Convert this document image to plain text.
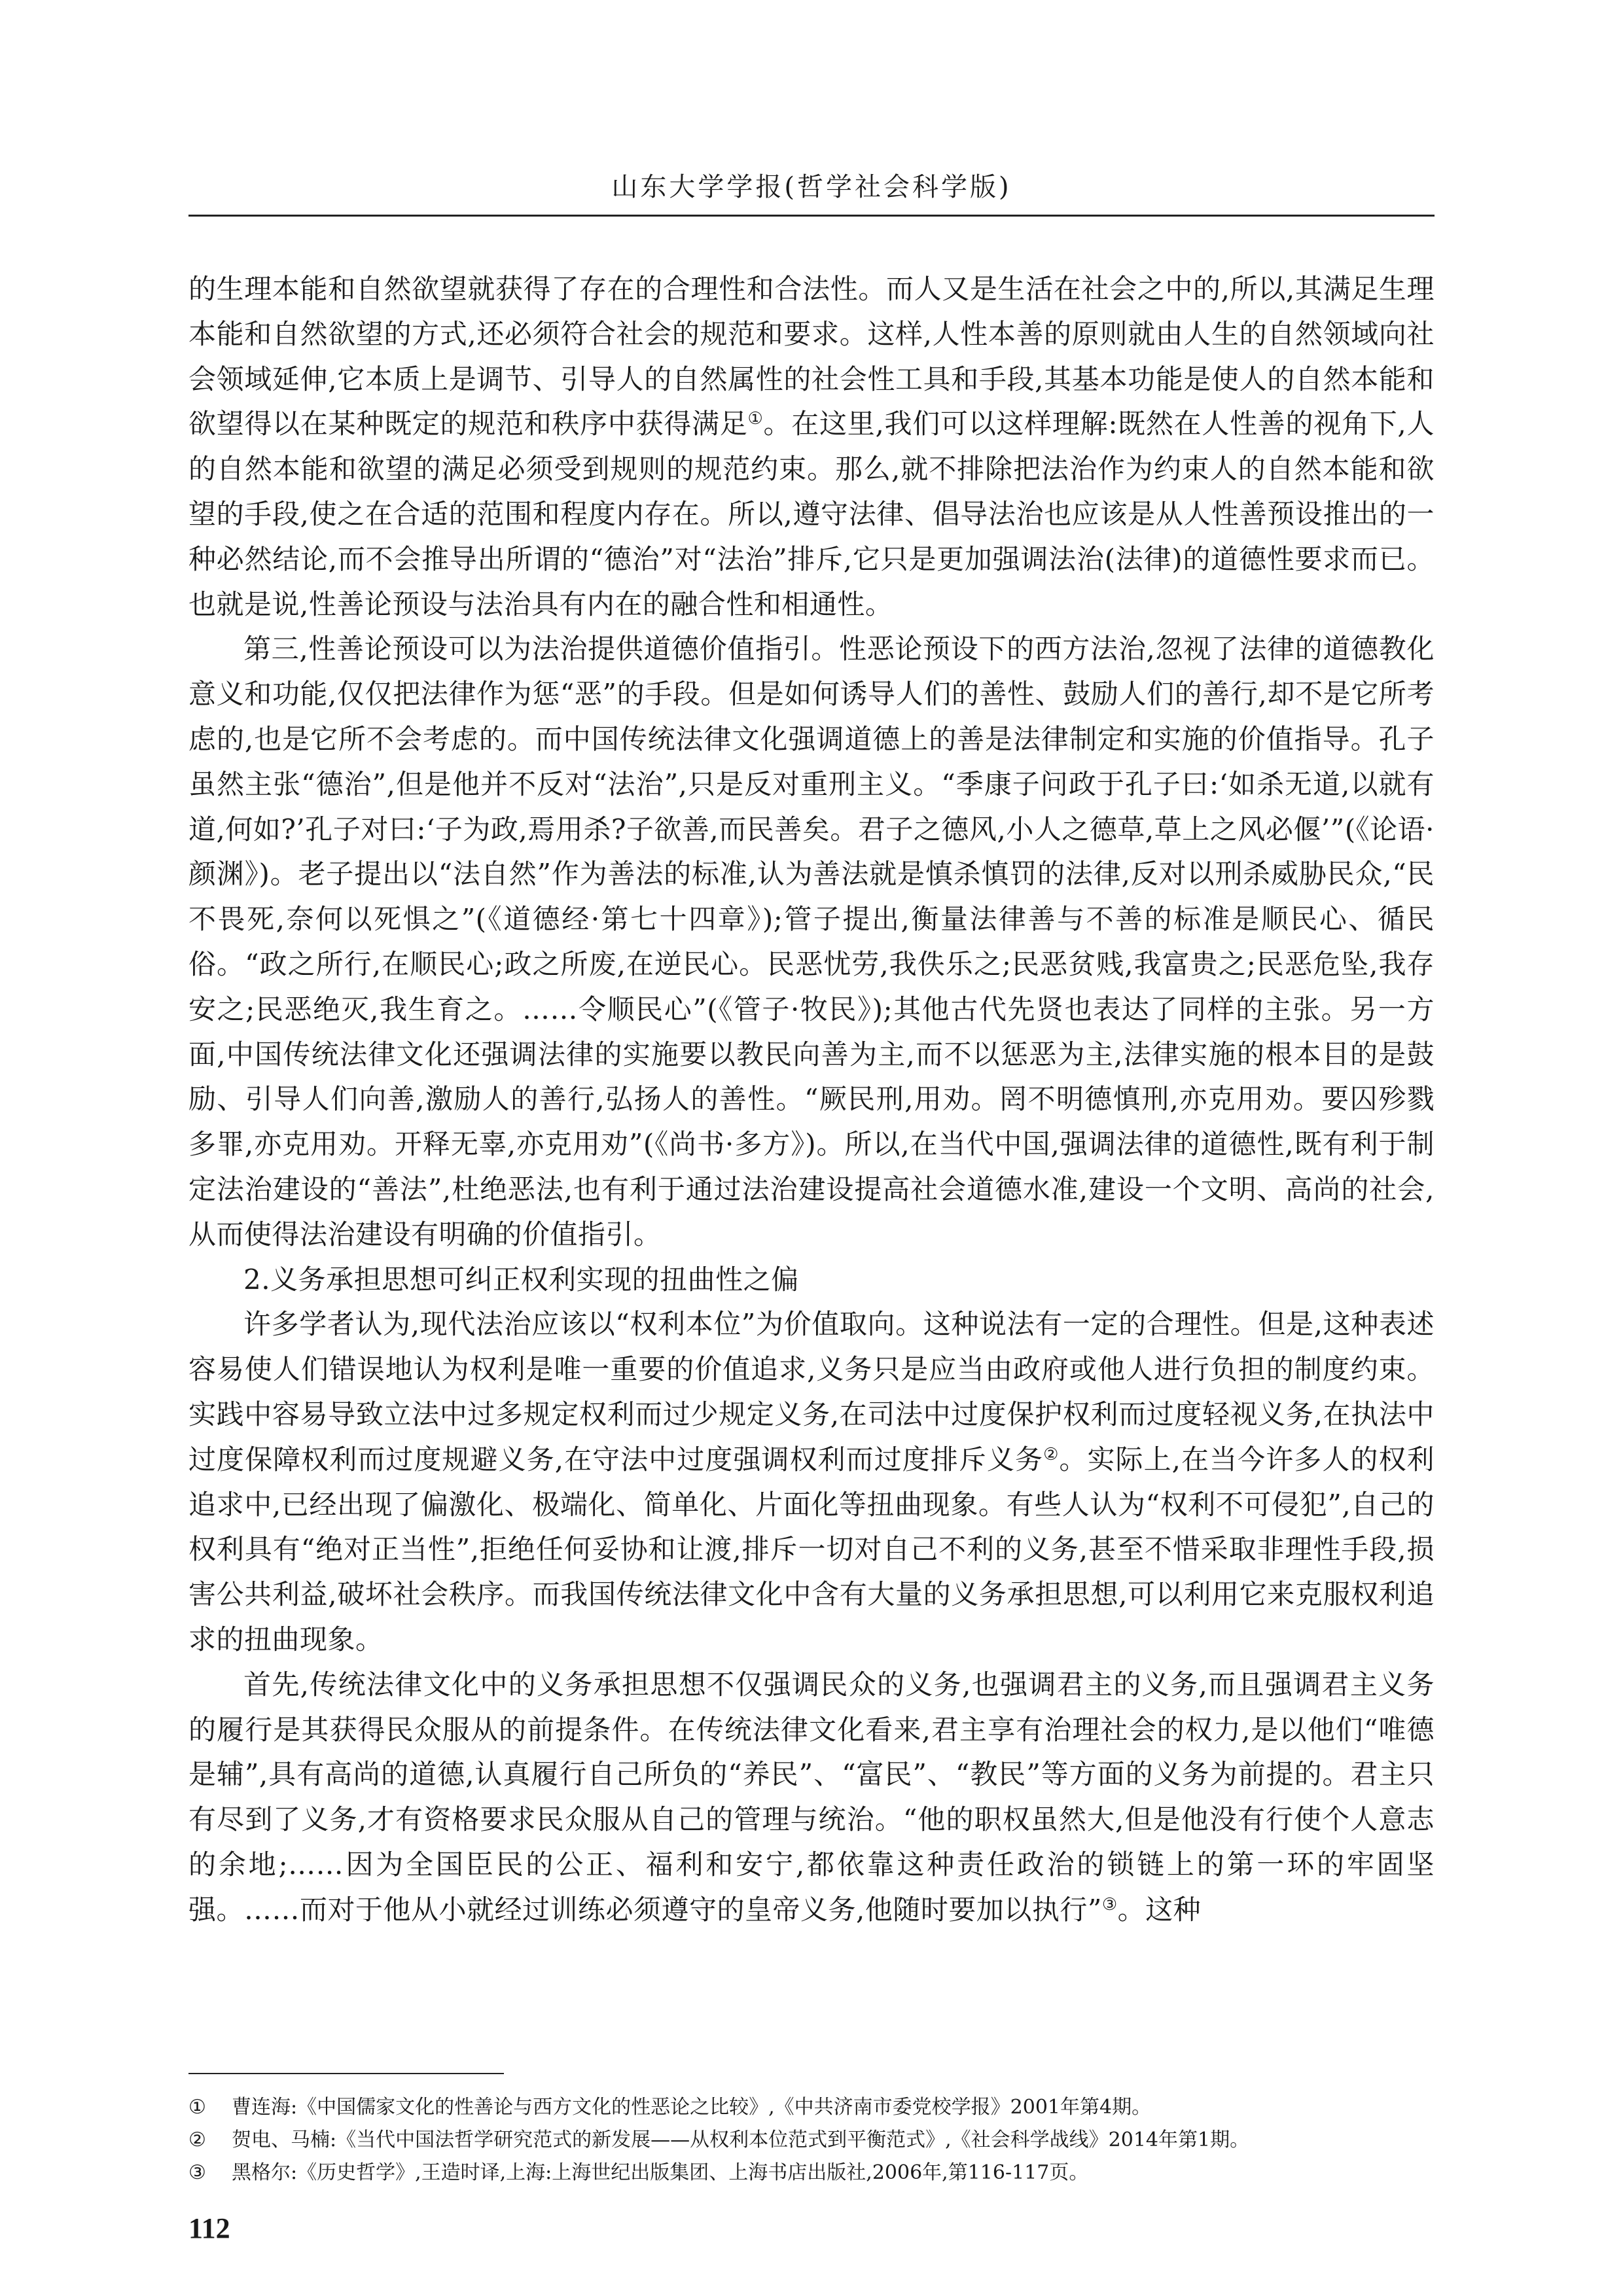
山东大学学报(哲学社会科学版)

的生理本能和自然欲望就获得了存在的合理性和合法性。而人又是生活在社会之中的,所以,其满足生理本能和自然欲望的方式,还必须符合社会的规范和要求。这样,人性本善的原则就由人生的自然领域向社会领域延伸,它本质上是调节、引导人的自然属性的社会性工具和手段,其基本功能是使人的自然本能和欲望得以在某种既定的规范和秩序中获得满足①。在这里,我们可以这样理解:既然在人性善的视角下,人的自然本能和欲望的满足必须受到规则的规范约束。那么,就不排除把法治作为约束人的自然本能和欲望的手段,使之在合适的范围和程度内存在。所以,遵守法律、倡导法治也应该是从人性善预设推出的一种必然结论,而不会推导出所谓的“德治”对“法治”排斥,它只是更加强调法治(法律)的道德性要求而已。也就是说,性善论预设与法治具有内在的融合性和相通性。

第三,性善论预设可以为法治提供道德价值指引。性恶论预设下的西方法治,忽视了法律的道德教化意义和功能,仅仅把法律作为惩“恶”的手段。但是如何诱导人们的善性、鼓励人们的善行,却不是它所考虑的,也是它所不会考虑的。而中国传统法律文化强调道德上的善是法律制定和实施的价值指导。孔子虽然主张“德治”,但是他并不反对“法治”,只是反对重刑主义。“季康子问政于孔子曰:‘如杀无道,以就有道,何如?’孔子对曰:‘子为政,焉用杀?子欲善,而民善矣。君子之德风,小人之德草,草上之风必偃’”(《论语·颜渊》)。老子提出以“法自然”作为善法的标准,认为善法就是慎杀慎罚的法律,反对以刑杀威胁民众,“民不畏死,奈何以死惧之”(《道德经·第七十四章》);管子提出,衡量法律善与不善的标准是顺民心、循民俗。“政之所行,在顺民心;政之所废,在逆民心。民恶忧劳,我佚乐之;民恶贫贱,我富贵之;民恶危坠,我存安之;民恶绝灭,我生育之。……令顺民心”(《管子·牧民》);其他古代先贤也表达了同样的主张。另一方面,中国传统法律文化还强调法律的实施要以教民向善为主,而不以惩恶为主,法律实施的根本目的是鼓励、引导人们向善,激励人的善行,弘扬人的善性。“厥民刑,用劝。罔不明德慎刑,亦克用劝。要囚殄戮多罪,亦克用劝。开释无辜,亦克用劝”(《尚书·多方》)。所以,在当代中国,强调法律的道德性,既有利于制定法治建设的“善法”,杜绝恶法,也有利于通过法治建设提高社会道德水准,建设一个文明、高尚的社会,从而使得法治建设有明确的价值指引。

2.义务承担思想可纠正权利实现的扭曲性之偏

许多学者认为,现代法治应该以“权利本位”为价值取向。这种说法有一定的合理性。但是,这种表述容易使人们错误地认为权利是唯一重要的价值追求,义务只是应当由政府或他人进行负担的制度约束。实践中容易导致立法中过多规定权利而过少规定义务,在司法中过度保护权利而过度轻视义务,在执法中过度保障权利而过度规避义务,在守法中过度强调权利而过度排斥义务②。实际上,在当今许多人的权利追求中,已经出现了偏激化、极端化、简单化、片面化等扭曲现象。有些人认为“权利不可侵犯”,自己的权利具有“绝对正当性”,拒绝任何妥协和让渡,排斥一切对自己不利的义务,甚至不惜采取非理性手段,损害公共利益,破坏社会秩序。而我国传统法律文化中含有大量的义务承担思想,可以利用它来克服权利追求的扭曲现象。

首先,传统法律文化中的义务承担思想不仅强调民众的义务,也强调君主的义务,而且强调君主义务的履行是其获得民众服从的前提条件。在传统法律文化看来,君主享有治理社会的权力,是以他们“唯德是辅”,具有高尚的道德,认真履行自己所负的“养民”、“富民”、“教民”等方面的义务为前提的。君主只有尽到了义务,才有资格要求民众服从自己的管理与统治。“他的职权虽然大,但是他没有行使个人意志的余地;……因为全国臣民的公正、福利和安宁,都依靠这种责任政治的锁链上的第一环的牢固坚强。……而对于他从小就经过训练必须遵守的皇帝义务,他随时要加以执行”③。这种

①	曹连海:《中国儒家文化的性善论与西方文化的性恶论之比较》,《中共济南市委党校学报》2001年第4期。
②	贺电、马楠:《当代中国法哲学研究范式的新发展——从权利本位范式到平衡范式》,《社会科学战线》2014年第1期。
③	黑格尔:《历史哲学》,王造时译,上海:上海世纪出版集团、上海书店出版社,2006年,第116-117页。
112
